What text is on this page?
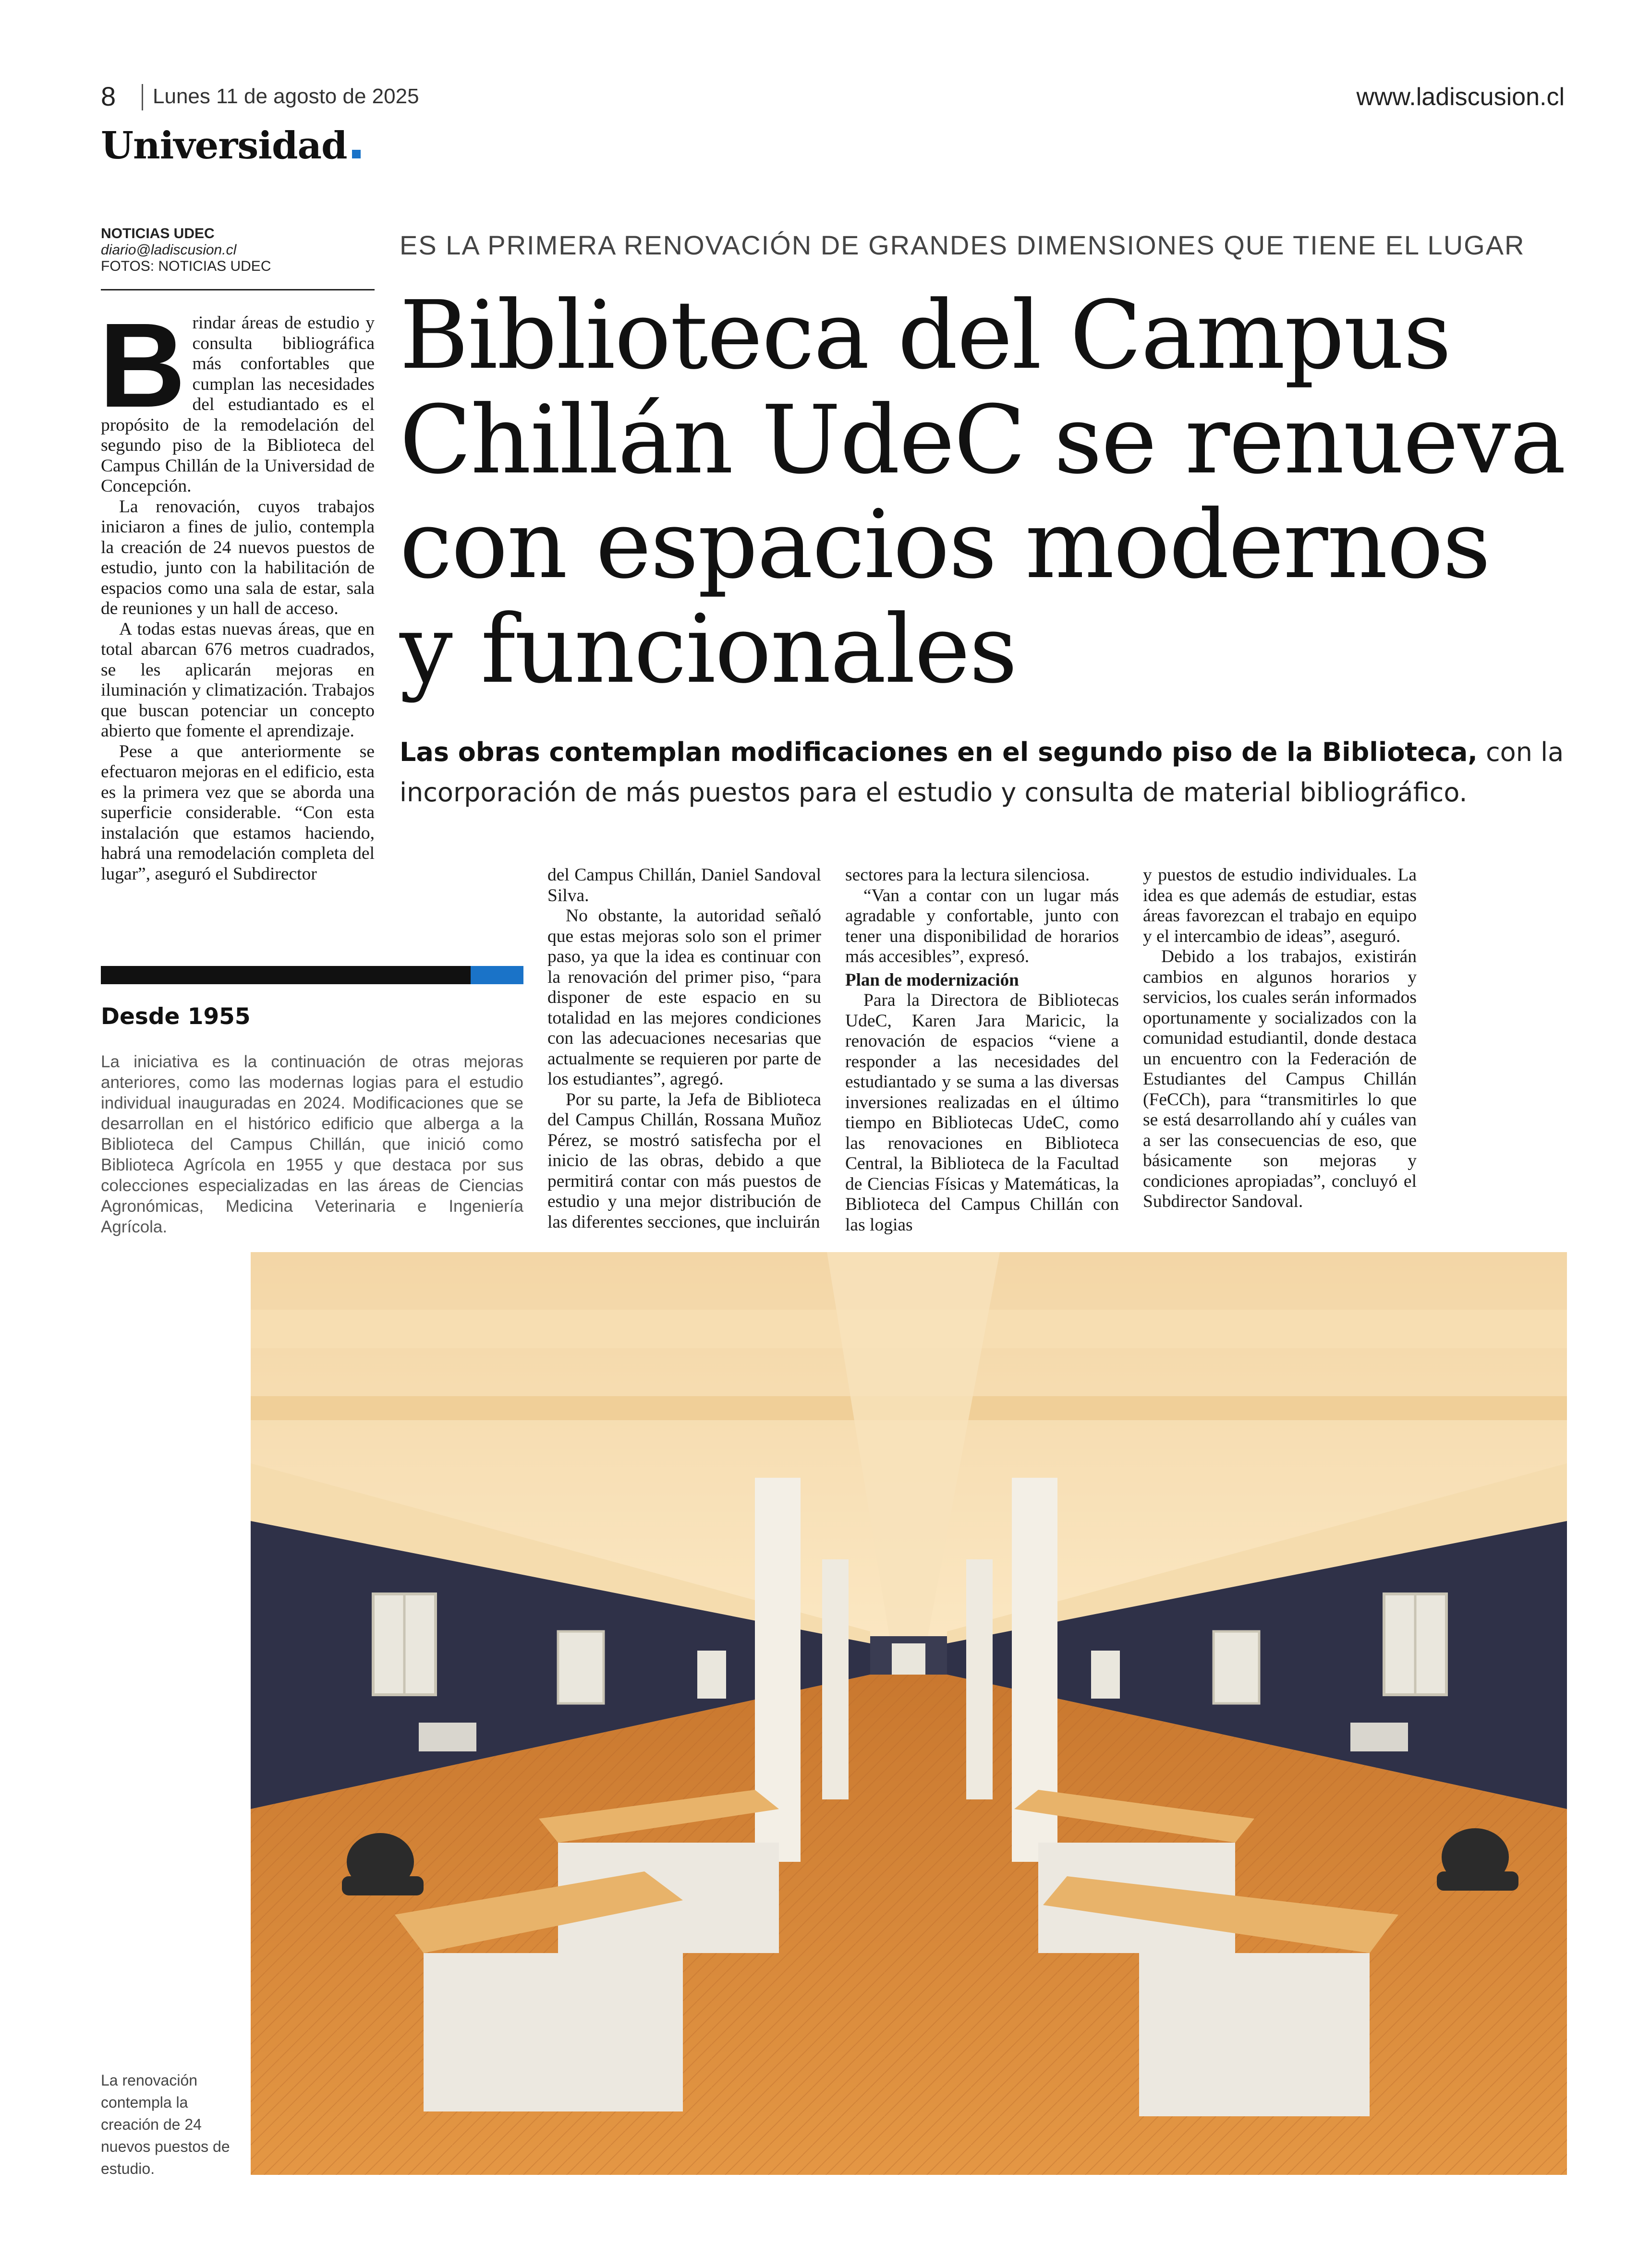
8 Lunes 11 de agosto de 2025	www.ladiscusion.cl
Universidad
NOTICIAS UDEC
diario@ladiscusion.cl
FOTOS: NOTICIAS UDEC
ES LA PRIMERA RENOVACIÓN DE GRANDES DIMENSIONES QUE TIENE EL LUGAR
Biblioteca del Campus
Chillán UdeC se renueva
con espacios modernos
y funcionales
Las obras contemplan modificaciones en el segundo piso de la Biblioteca, con la incorporación de más puestos para el estudio y consulta de material bibliográfico.
B rindar áreas de estudio y consulta bibliográfica más confortables que cumplan las necesidades del estudiantado es el propósito de la remodelación del segundo piso de la Biblioteca del Campus Chillán de la Universidad de Concepción.

La renovación, cuyos trabajos iniciaron a fines de julio, contempla la creación de 24 nuevos puestos de estudio, junto con la habilitación de espacios como una sala de estar, sala de reuniones y un hall de acceso.

A todas estas nuevas áreas, que en total abarcan 676 metros cuadrados, se les aplicarán mejoras en iluminación y climatización. Trabajos que buscan potenciar un concepto abierto que fomente el aprendizaje.

Pese a que anteriormente se efectuaron mejoras en el edificio, esta es la primera vez que se aborda una superficie considerable. “Con esta instalación que estamos haciendo, habrá una remodelación completa del lugar”, aseguró el Subdirector

Desde 1955
La iniciativa es la continuación de otras mejoras anteriores, como las modernas logias para el estudio individual inauguradas en 2024. Modificaciones que se desarrollan en el histórico edificio que alberga a la Biblioteca del Campus Chillán, que inició como Biblioteca Agrícola en 1955 y que destaca por sus colecciones especializadas en las áreas de Ciencias Agronómicas, Medicina Veterinaria e Ingeniería Agrícola.

del Campus Chillán, Daniel Sandoval Silva.

No obstante, la autoridad señaló que estas mejoras solo son el primer paso, ya que la idea es continuar con la renovación del primer piso, “para disponer de este espacio en su totalidad en las mejores condiciones con las adecuaciones necesarias que actualmente se requieren por parte de los estudiantes”, agregó.

Por su parte, la Jefa de Biblioteca del Campus Chillán, Rossana Muñoz Pérez, se mostró satisfecha por el inicio de las obras, debido a que permitirá contar con más puestos de estudio y una mejor distribución de las diferentes secciones, que incluirán

sectores para la lectura silenciosa.

“Van a contar con un lugar más agradable y confortable, junto con tener una disponibilidad de horarios más accesibles”, expresó.

Plan de modernización

Para la Directora de Bibliotecas UdeC, Karen Jara Maricic, la renovación de espacios “viene a responder a las necesidades del estudiantado y se suma a las diversas inversiones realizadas en el último tiempo en Bibliotecas UdeC, como las renovaciones en Biblioteca Central, la Biblioteca de la Facultad de Ciencias Físicas y Matemáticas, la Biblioteca del Campus Chillán con las logias

y puestos de estudio individuales. La idea es que además de estudiar, estas áreas favorezcan el trabajo en equipo y el intercambio de ideas”, aseguró.

Debido a los trabajos, existirán cambios en algunos horarios y servicios, los cuales serán informados oportunamente y socializados con la comunidad estudiantil, donde destaca un encuentro con la Federación de Estudiantes del Campus Chillán (FeCCh), para “transmitirles lo que se está desarrollando ahí y cuáles van a ser las consecuencias de eso, que básicamente son mejoras y condiciones apropiadas”, concluyó el Subdirector Sandoval.

La renovación contempla la creación de 24 nuevos puestos de estudio.
